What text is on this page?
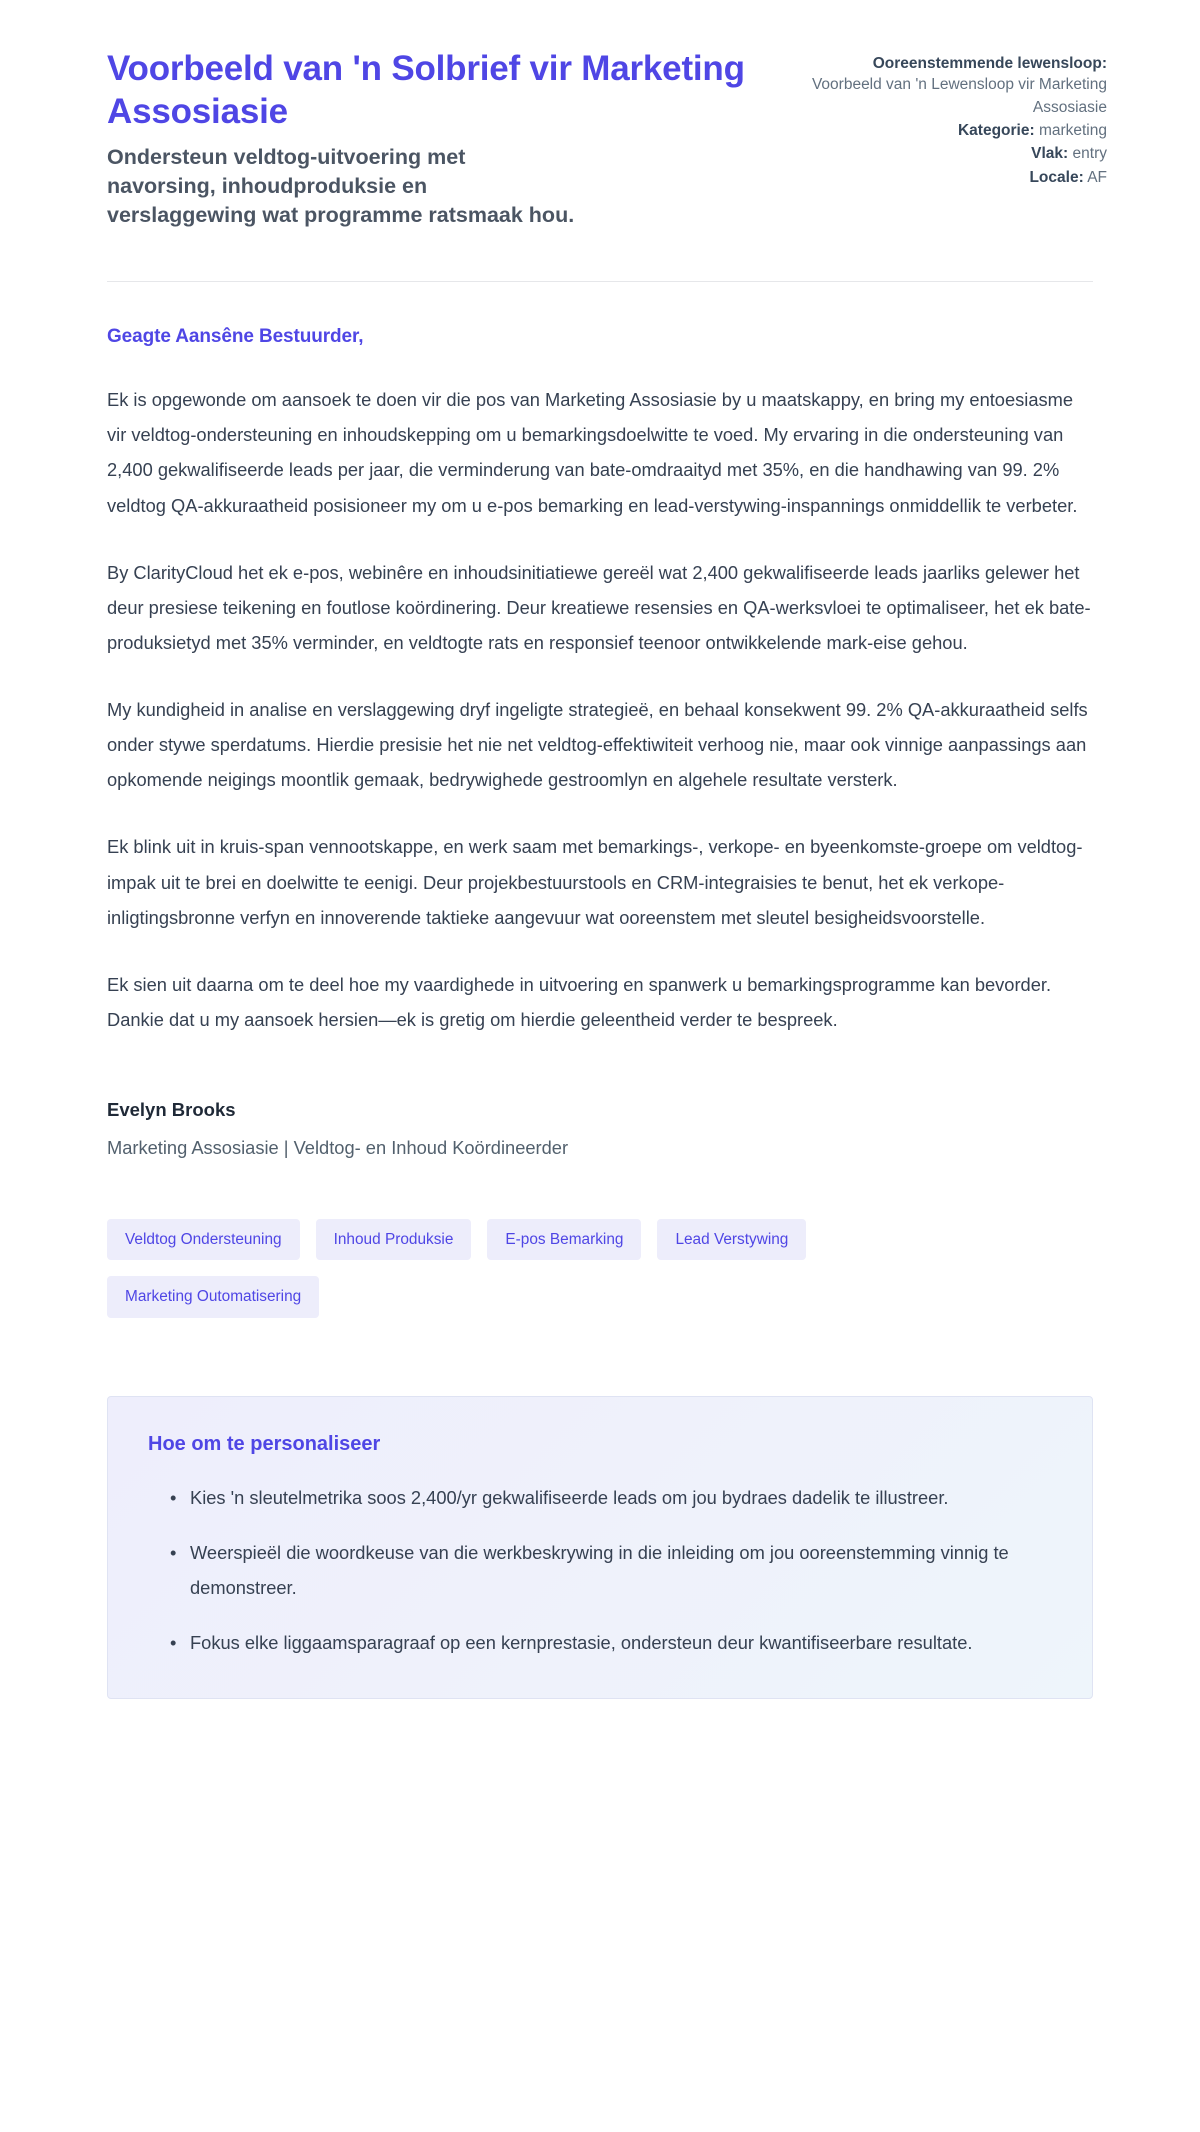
Voorbeeld van 'n Solbrief vir Marketing Assosiasie

Ondersteun veldtog-uitvoering met navorsing, inhoudproduksie en verslaggewing wat programme ratsmaak hou.

Ooreenstemmende lewensloop:
Voorbeeld van 'n Lewensloop vir Marketing Assosiasie
Kategorie: marketing
Vlak: entry
Locale: AF

Geagte Aansêne Bestuurder,

Ek is opgewonde om aansoek te doen vir die pos van Marketing Assosiasie by u maatskappy, en bring my entoesiasme vir veldtog-ondersteuning en inhoudskepping om u bemarkingsdoelwitte te voed. My ervaring in die ondersteuning van 2,400 gekwalifiseerde leads per jaar, die verminderung van bate-omdraaityd met 35%, en die handhawing van 99. 2% veldtog QA-akkuraatheid posisioneer my om u e-pos bemarking en lead-verstywing-inspannings onmiddellik te verbeter.

By ClarityCloud het ek e-pos, webinêre en inhoudsinitiatiewe gereël wat 2,400 gekwalifiseerde leads jaarliks gelewer het deur presiese teikening en foutlose koördinering. Deur kreatiewe resensies en QA-werksvloei te optimaliseer, het ek bate-produksietyd met 35% verminder, en veldtogte rats en responsief teenoor ontwikkelende mark-eise gehou.

My kundigheid in analise en verslaggewing dryf ingeligte strategieë, en behaal konsekwent 99. 2% QA-akkuraatheid selfs onder stywe sperdatums. Hierdie presisie het nie net veldtog-effektiwiteit verhoog nie, maar ook vinnige aanpassings aan opkomende neigings moontlik gemaak, bedrywighede gestroomlyn en algehele resultate versterk.

Ek blink uit in kruis-span vennootskappe, en werk saam met bemarkings-, verkope- en byeenkomste-groepe om veldtog-impak uit te brei en doelwitte te eenigi. Deur projekbestuurstools en CRM-integraisies te benut, het ek verkope-inligtingsbronne verfyn en innoverende taktieke aangevuur wat ooreenstem met sleutel besigheidsvoorstelle.

Ek sien uit daarna om te deel hoe my vaardighede in uitvoering en spanwerk u bemarkingsprogramme kan bevorder. Dankie dat u my aansoek hersien—ek is gretig om hierdie geleentheid verder te bespreek.

Evelyn Brooks

Marketing Assosiasie | Veldtog- en Inhoud Koördineerder

Veldtog Ondersteuning	Inhoud Produksie	E-pos Bemarking	Lead Verstywing
Marketing Outomatisering
Hoe om te personaliseer
• Kies 'n sleutelmetrika soos 2,400/yr gekwalifiseerde leads om jou bydraes dadelik te illustreer.
• Weerspieël die woordkeuse van die werkbeskrywing in die inleiding om jou ooreenstemming vinnig te demonstreer.
• Fokus elke liggaamsparagraaf op een kernprestasie, ondersteun deur kwantifiseerbare resultate.
